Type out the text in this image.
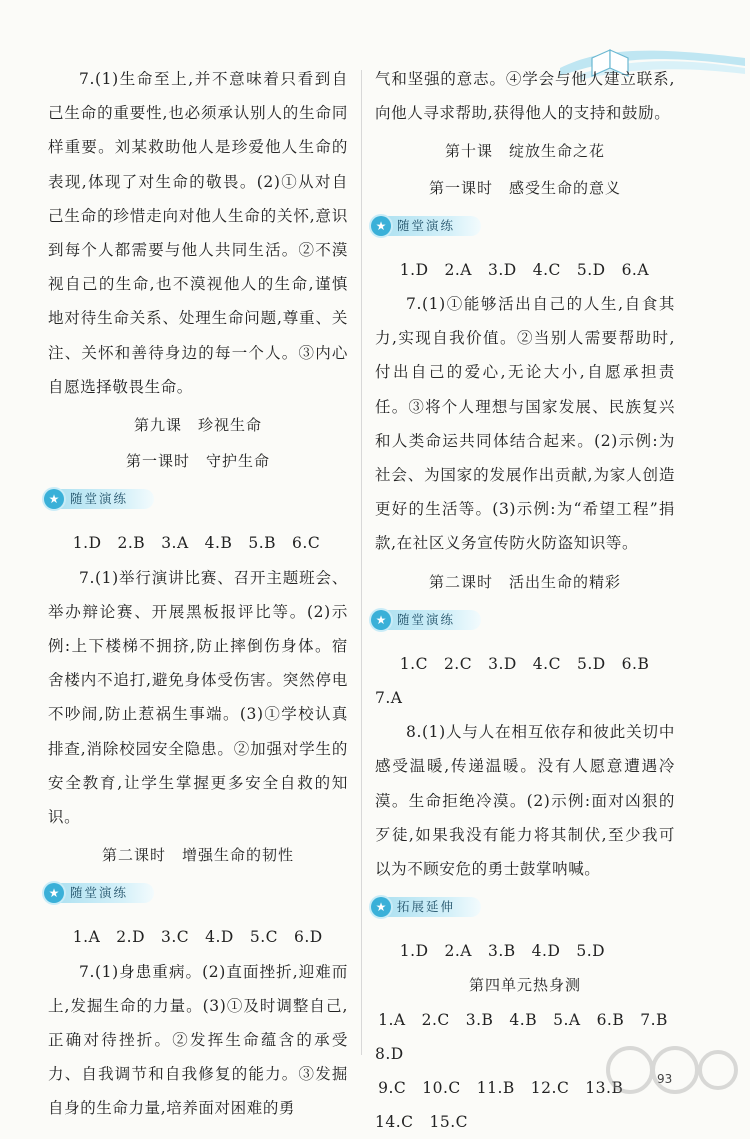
7.(1)生命至上,并不意味着只看到自己生命的重要性,也必须承认别人的生命同样重要。刘某救助他人是珍爱他人生命的表现,体现了对生命的敬畏。(2)①从对自己生命的珍惜走向对他人生命的关怀,意识到每个人都需要与他人共同生活。②不漠视自己的生命,也不漠视他人的生命,谨慎地对待生命关系、处理生命问题,尊重、关注、关怀和善待身边的每一个人。③内心自愿选择敬畏生命。

第九课　珍视生命

第一课时　守护生命

★ 随堂演练

1.D　2.B　3.A　4.B　5.B　6.C

7.(1)举行演讲比赛、召开主题班会、举办辩论赛、开展黑板报评比等。(2)示例:上下楼梯不拥挤,防止摔倒伤身体。宿舍楼内不追打,避免身体受伤害。突然停电不吵闹,防止惹祸生事端。(3)①学校认真排查,消除校园安全隐患。②加强对学生的安全教育,让学生掌握更多安全自救的知识。

第二课时　增强生命的韧性

★ 随堂演练

1.A　2.D　3.C　4.D　5.C　6.D

7.(1)身患重病。(2)直面挫折,迎难而上,发掘生命的力量。(3)①及时调整自己,正确对待挫折。②发挥生命蕴含的承受力、自我调节和自我修复的能力。③发掘自身的生命力量,培养面对困难的勇

气和坚强的意志。④学会与他人建立联系,向他人寻求帮助,获得他人的支持和鼓励。

第十课　绽放生命之花

第一课时　感受生命的意义

★ 随堂演练

1.D　2.A　3.D　4.C　5.D　6.A

7.(1)①能够活出自己的人生,自食其力,实现自我价值。②当别人需要帮助时,付出自己的爱心,无论大小,自愿承担责任。③将个人理想与国家发展、民族复兴和人类命运共同体结合起来。(2)示例:为社会、为国家的发展作出贡献,为家人创造更好的生活等。(3)示例:为“希望工程”捐款,在社区义务宣传防火防盗知识等。

第二课时　活出生命的精彩

★ 随堂演练

1.C　2.C　3.D　4.C　5.D　6.B　7.A

8.(1)人与人在相互依存和彼此关切中感受温暖,传递温暖。没有人愿意遭遇冷漠。生命拒绝冷漠。(2)示例:面对凶狠的歹徒,如果我没有能力将其制伏,至少我可以为不顾安危的勇士鼓掌呐喊。

★ 拓展延伸

1.D　2.A　3.B　4.D　5.D

第四单元热身测

1.A　2.C　3.B　4.B　5.A　6.B　7.B　8.D

9.C　10.C　11.B　12.C　13.B　14.C　15.C

93
